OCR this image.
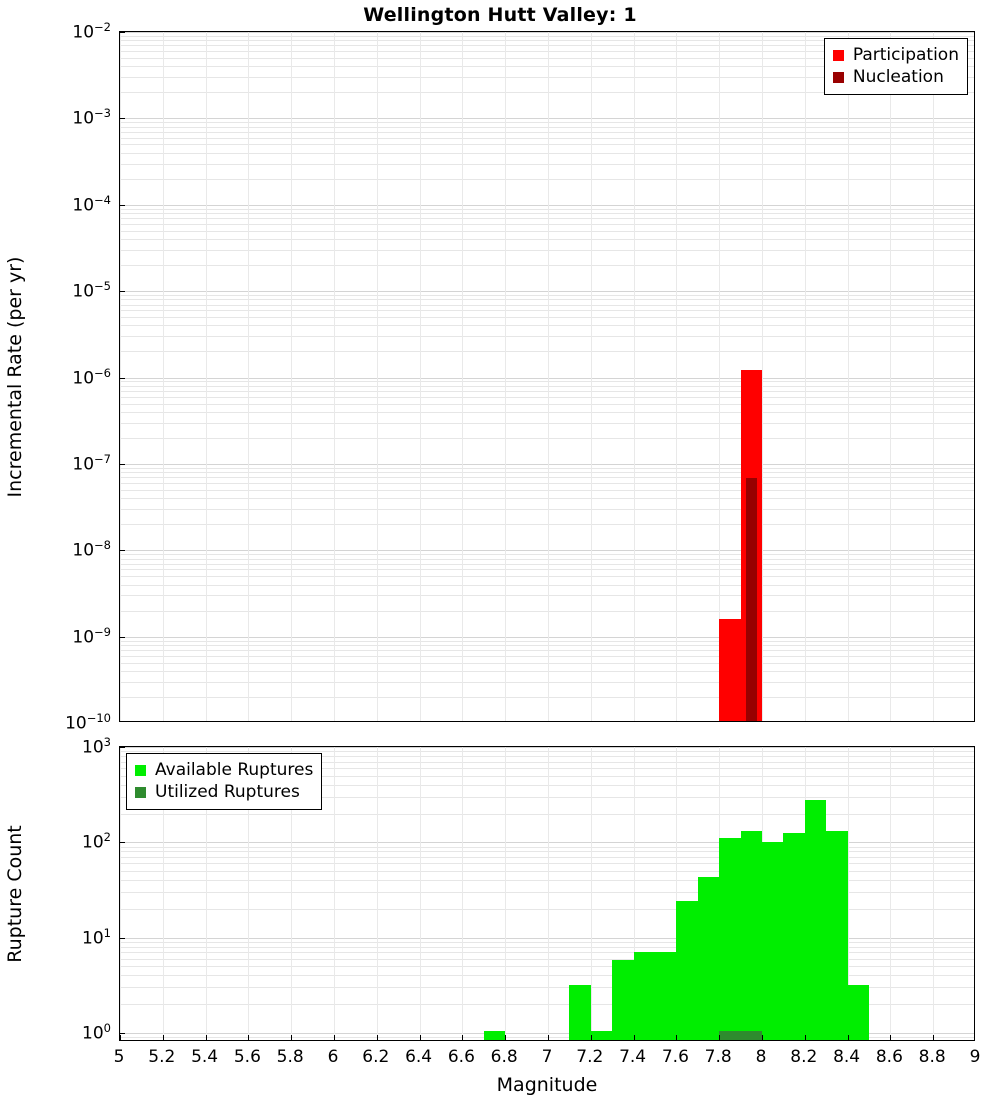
Wellington Hutt Valley: 1
Participation
Nucleation
$10^{-10}$
$10^{-9}$
$10^{-8}$
$10^{-7}$
$10^{-6}$
$10^{-5}$
$10^{-4}$
$10^{-3}$
$10^{-2}$
Incremental Rate (per yr)
Available Ruptures
Utilized Ruptures
$10^0$
$10^1$
$10^2$
$10^3$
5	5.2 5.4 5.6 5.8	6	6.2 6.4 6.6 6.8	7	7.2 7.4 7.6 7.8	8	8.2 8.4 8.6 8.8	9
Rupture Count
Magnitude
